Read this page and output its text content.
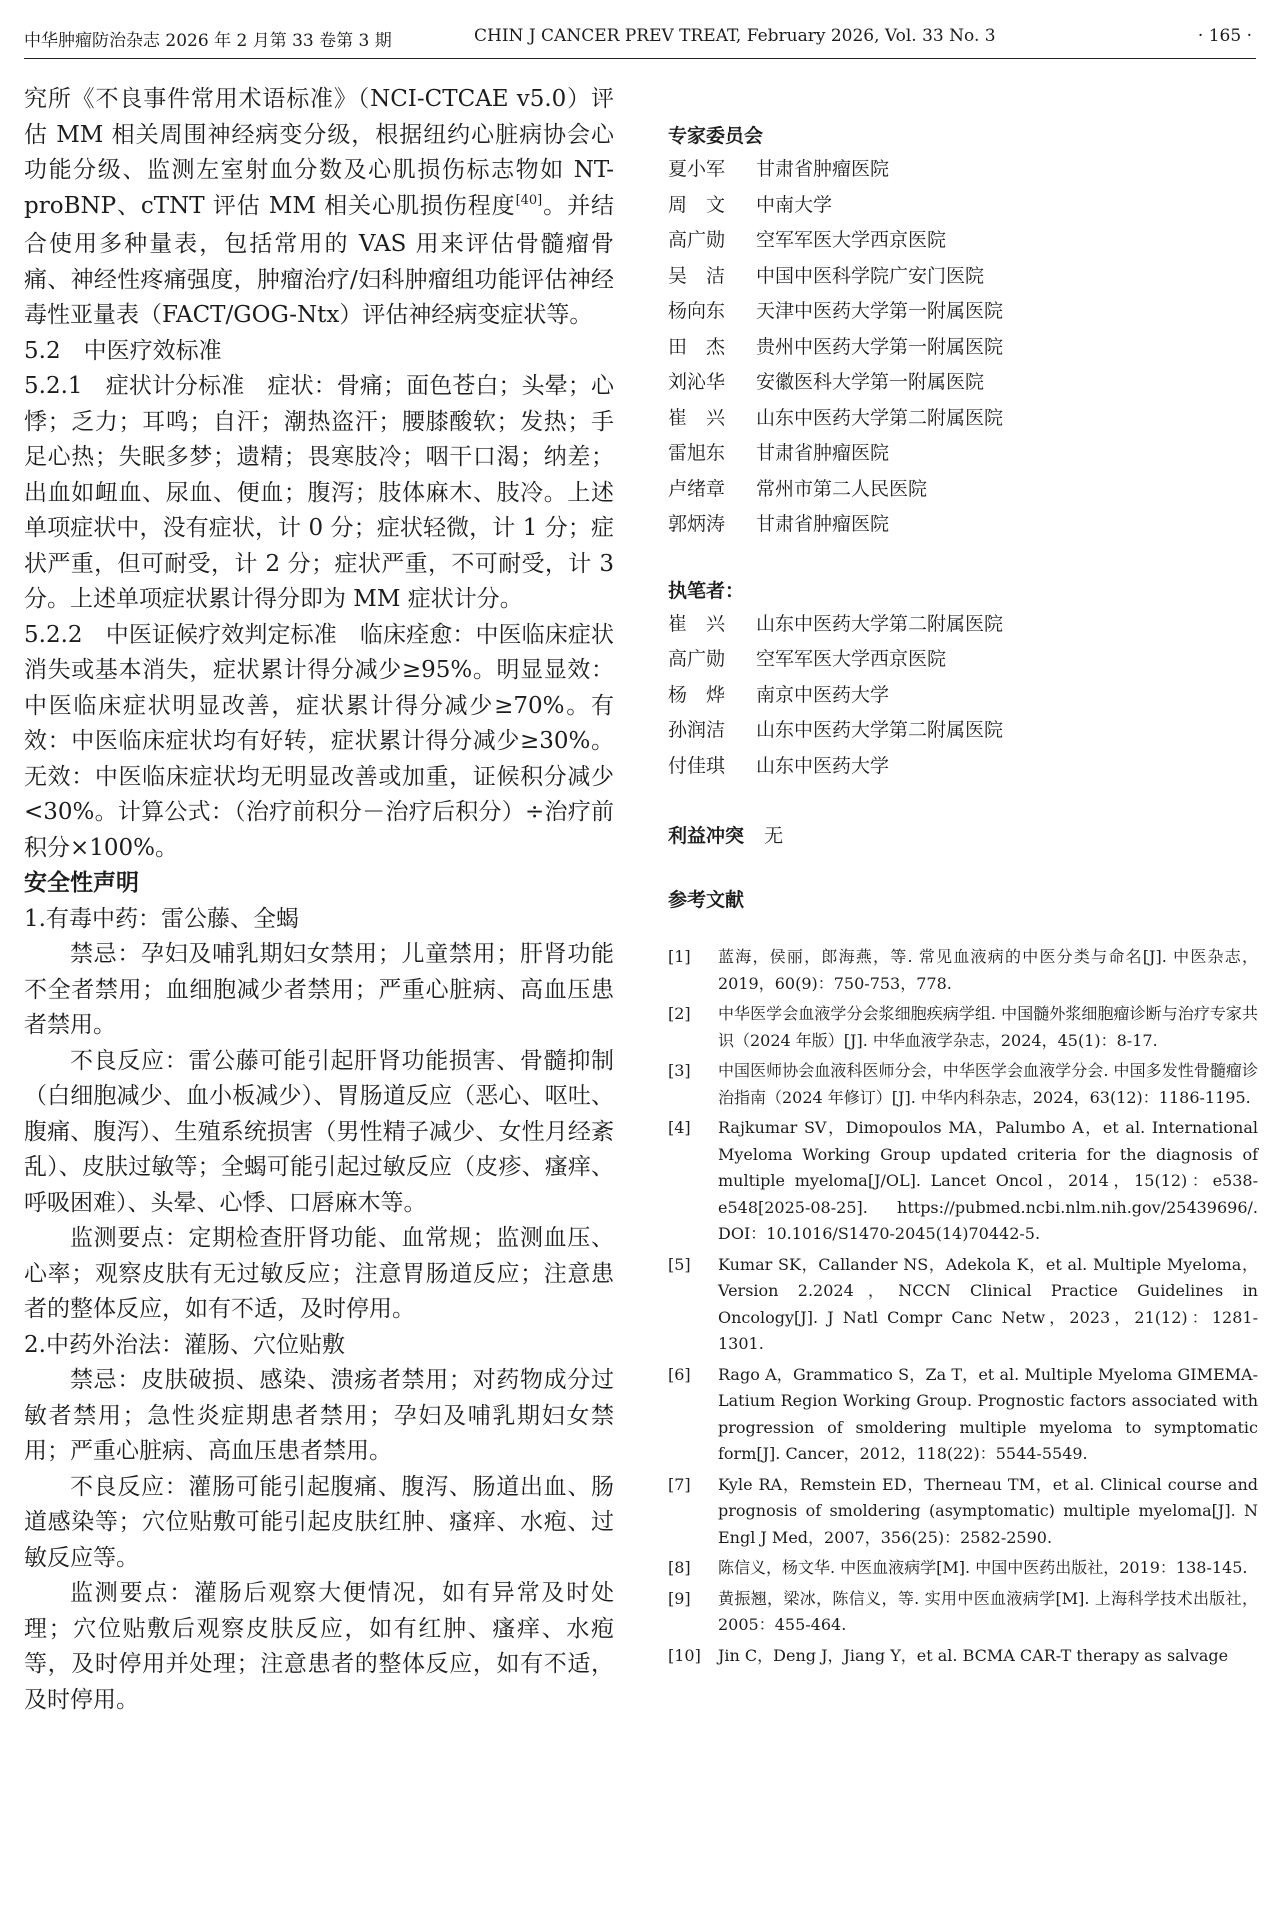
中华肿瘤防治杂志 2026 年 2 月第 33 卷第 3 期	CHIN J CANCER PREV TREAT, February 2026, Vol. 33 No. 3	· 165 ·

究所《不良事件常用术语标准》（NCI-CTCAE v5.0）评估 MM 相关周围神经病变分级，根据纽约心脏病协会心功能分级、监测左室射血分数及心肌损伤标志物如 NT-proBNP、cTNT 评估 MM 相关心肌损伤程度[40]。并结合使用多种量表，包括常用的 VAS 用来评估骨髓瘤骨痛、神经性疼痛强度，肿瘤治疗/妇科肿瘤组功能评估神经毒性亚量表（FACT/GOG-Ntx）评估神经病变症状等。

5.2　中医疗效标准

5.2.1　症状计分标准　症状：骨痛；面色苍白；头晕；心悸；乏力；耳鸣；自汗；潮热盗汗；腰膝酸软；发热；手足心热；失眠多梦；遗精；畏寒肢冷；咽干口渴；纳差；出血如衄血、尿血、便血；腹泻；肢体麻木、肢冷。上述单项症状中，没有症状，计 0 分；症状轻微，计 1 分；症状严重，但可耐受，计 2 分；症状严重，不可耐受，计 3 分。上述单项症状累计得分即为 MM 症状计分。

5.2.2　中医证候疗效判定标准　临床痊愈：中医临床症状消失或基本消失，症状累计得分减少≥95%。明显显效：中医临床症状明显改善，症状累计得分减少≥70%。有效：中医临床症状均有好转，症状累计得分减少≥30%。无效：中医临床症状均无明显改善或加重，证候积分减少<30%。计算公式：（治疗前积分－治疗后积分）÷治疗前积分×100%。

安全性声明

1.有毒中药：雷公藤、全蝎

禁忌：孕妇及哺乳期妇女禁用；儿童禁用；肝肾功能不全者禁用；血细胞减少者禁用；严重心脏病、高血压患者禁用。

不良反应：雷公藤可能引起肝肾功能损害、骨髓抑制（白细胞减少、血小板减少）、胃肠道反应（恶心、呕吐、腹痛、腹泻）、生殖系统损害（男性精子减少、女性月经紊乱）、皮肤过敏等；全蝎可能引起过敏反应（皮疹、瘙痒、呼吸困难）、头晕、心悸、口唇麻木等。

监测要点：定期检查肝肾功能、血常规；监测血压、心率；观察皮肤有无过敏反应；注意胃肠道反应；注意患者的整体反应，如有不适，及时停用。

2.中药外治法：灌肠、穴位贴敷

禁忌：皮肤破损、感染、溃疡者禁用；对药物成分过敏者禁用；急性炎症期患者禁用；孕妇及哺乳期妇女禁用；严重心脏病、高血压患者禁用。

不良反应：灌肠可能引起腹痛、腹泻、肠道出血、肠道感染等；穴位贴敷可能引起皮肤红肿、瘙痒、水疱、过敏反应等。

监测要点：灌肠后观察大便情况，如有异常及时处理；穴位贴敷后观察皮肤反应，如有红肿、瘙痒、水疱等，及时停用并处理；注意患者的整体反应，如有不适，及时停用。

专家委员会

夏小军	甘肃省肿瘤医院
周　文	中南大学
高广勋	空军军医大学西京医院
吴　洁	中国中医科学院广安门医院
杨向东	天津中医药大学第一附属医院
田　杰	贵州中医药大学第一附属医院
刘沁华	安徽医科大学第一附属医院
崔　兴	山东中医药大学第二附属医院
雷旭东	甘肃省肿瘤医院
卢绪章	常州市第二人民医院
郭炳涛	甘肃省肿瘤医院

执笔者：

崔　兴	山东中医药大学第二附属医院
高广勋	空军军医大学西京医院
杨　烨	南京中医药大学
孙润洁	山东中医药大学第二附属医院
付佳琪	山东中医药大学
利益冲突 无

参考文献

[1]	蓝海，侯丽，郎海燕，等. 常见血液病的中医分类与命名[J]. 中医杂志，2019，60(9)：750-753，778.
[2]	中华医学会血液学分会浆细胞疾病学组. 中国髓外浆细胞瘤诊断与治疗专家共识（2024 年版）[J]. 中华血液学杂志，2024，45(1)：8-17.
[3]	中国医师协会血液科医师分会，中华医学会血液学分会. 中国多发性骨髓瘤诊治指南（2024 年修订）[J]. 中华内科杂志，2024，63(12)：1186-1195.
[4]	Rajkumar SV，Dimopoulos MA，Palumbo A，et al. International Myeloma Working Group updated criteria for the diagnosis of multiple myeloma[J/OL]. Lancet Oncol，2014，15(12)：e538-e548[2025-08-25]. https://pubmed.ncbi.nlm.nih.gov/25439696/. DOI：10.1016/S1470-2045(14)70442-5.
[5]	Kumar SK，Callander NS，Adekola K，et al. Multiple Myeloma，Version 2.2024，NCCN Clinical Practice Guidelines in Oncology[J]. J Natl Compr Canc Netw，2023，21(12)：1281-1301.
[6]	Rago A，Grammatico S，Za T，et al. Multiple Myeloma GIMEMA-Latium Region Working Group. Prognostic factors associated with progression of smoldering multiple myeloma to symptomatic form[J]. Cancer，2012，118(22)：5544-5549.
[7]	Kyle RA，Remstein ED，Therneau TM，et al. Clinical course and prognosis of smoldering (asymptomatic) multiple myeloma[J]. N Engl J Med，2007，356(25)：2582-2590.
[8]	陈信义，杨文华. 中医血液病学[M]. 中国中医药出版社，2019：138-145.
[9]	黄振翘，梁冰，陈信义，等. 实用中医血液病学[M]. 上海科学技术出版社，2005：455-464.
[10]	Jin C，Deng J，Jiang Y，et al. BCMA CAR-T therapy as salvage
